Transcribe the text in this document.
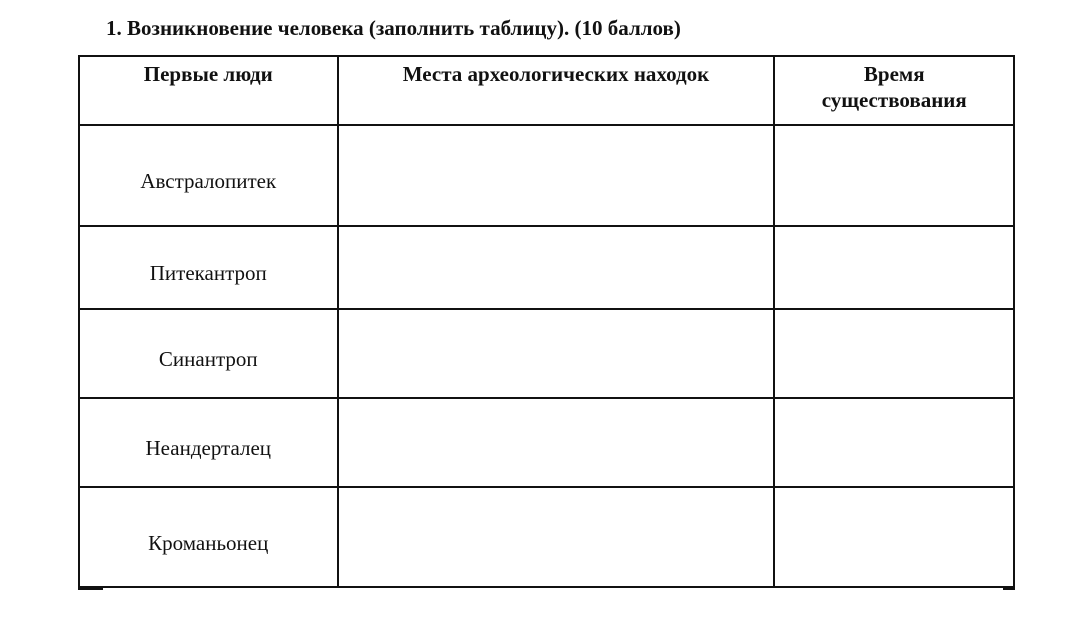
1. Возникновение человека (заполнить таблицу). (10 баллов)
Первые люди	Места археологических находок	Время
существования

Австралопитек		
Питекантроп		
Синантроп		
Неандерталец		
Кроманьонец		
